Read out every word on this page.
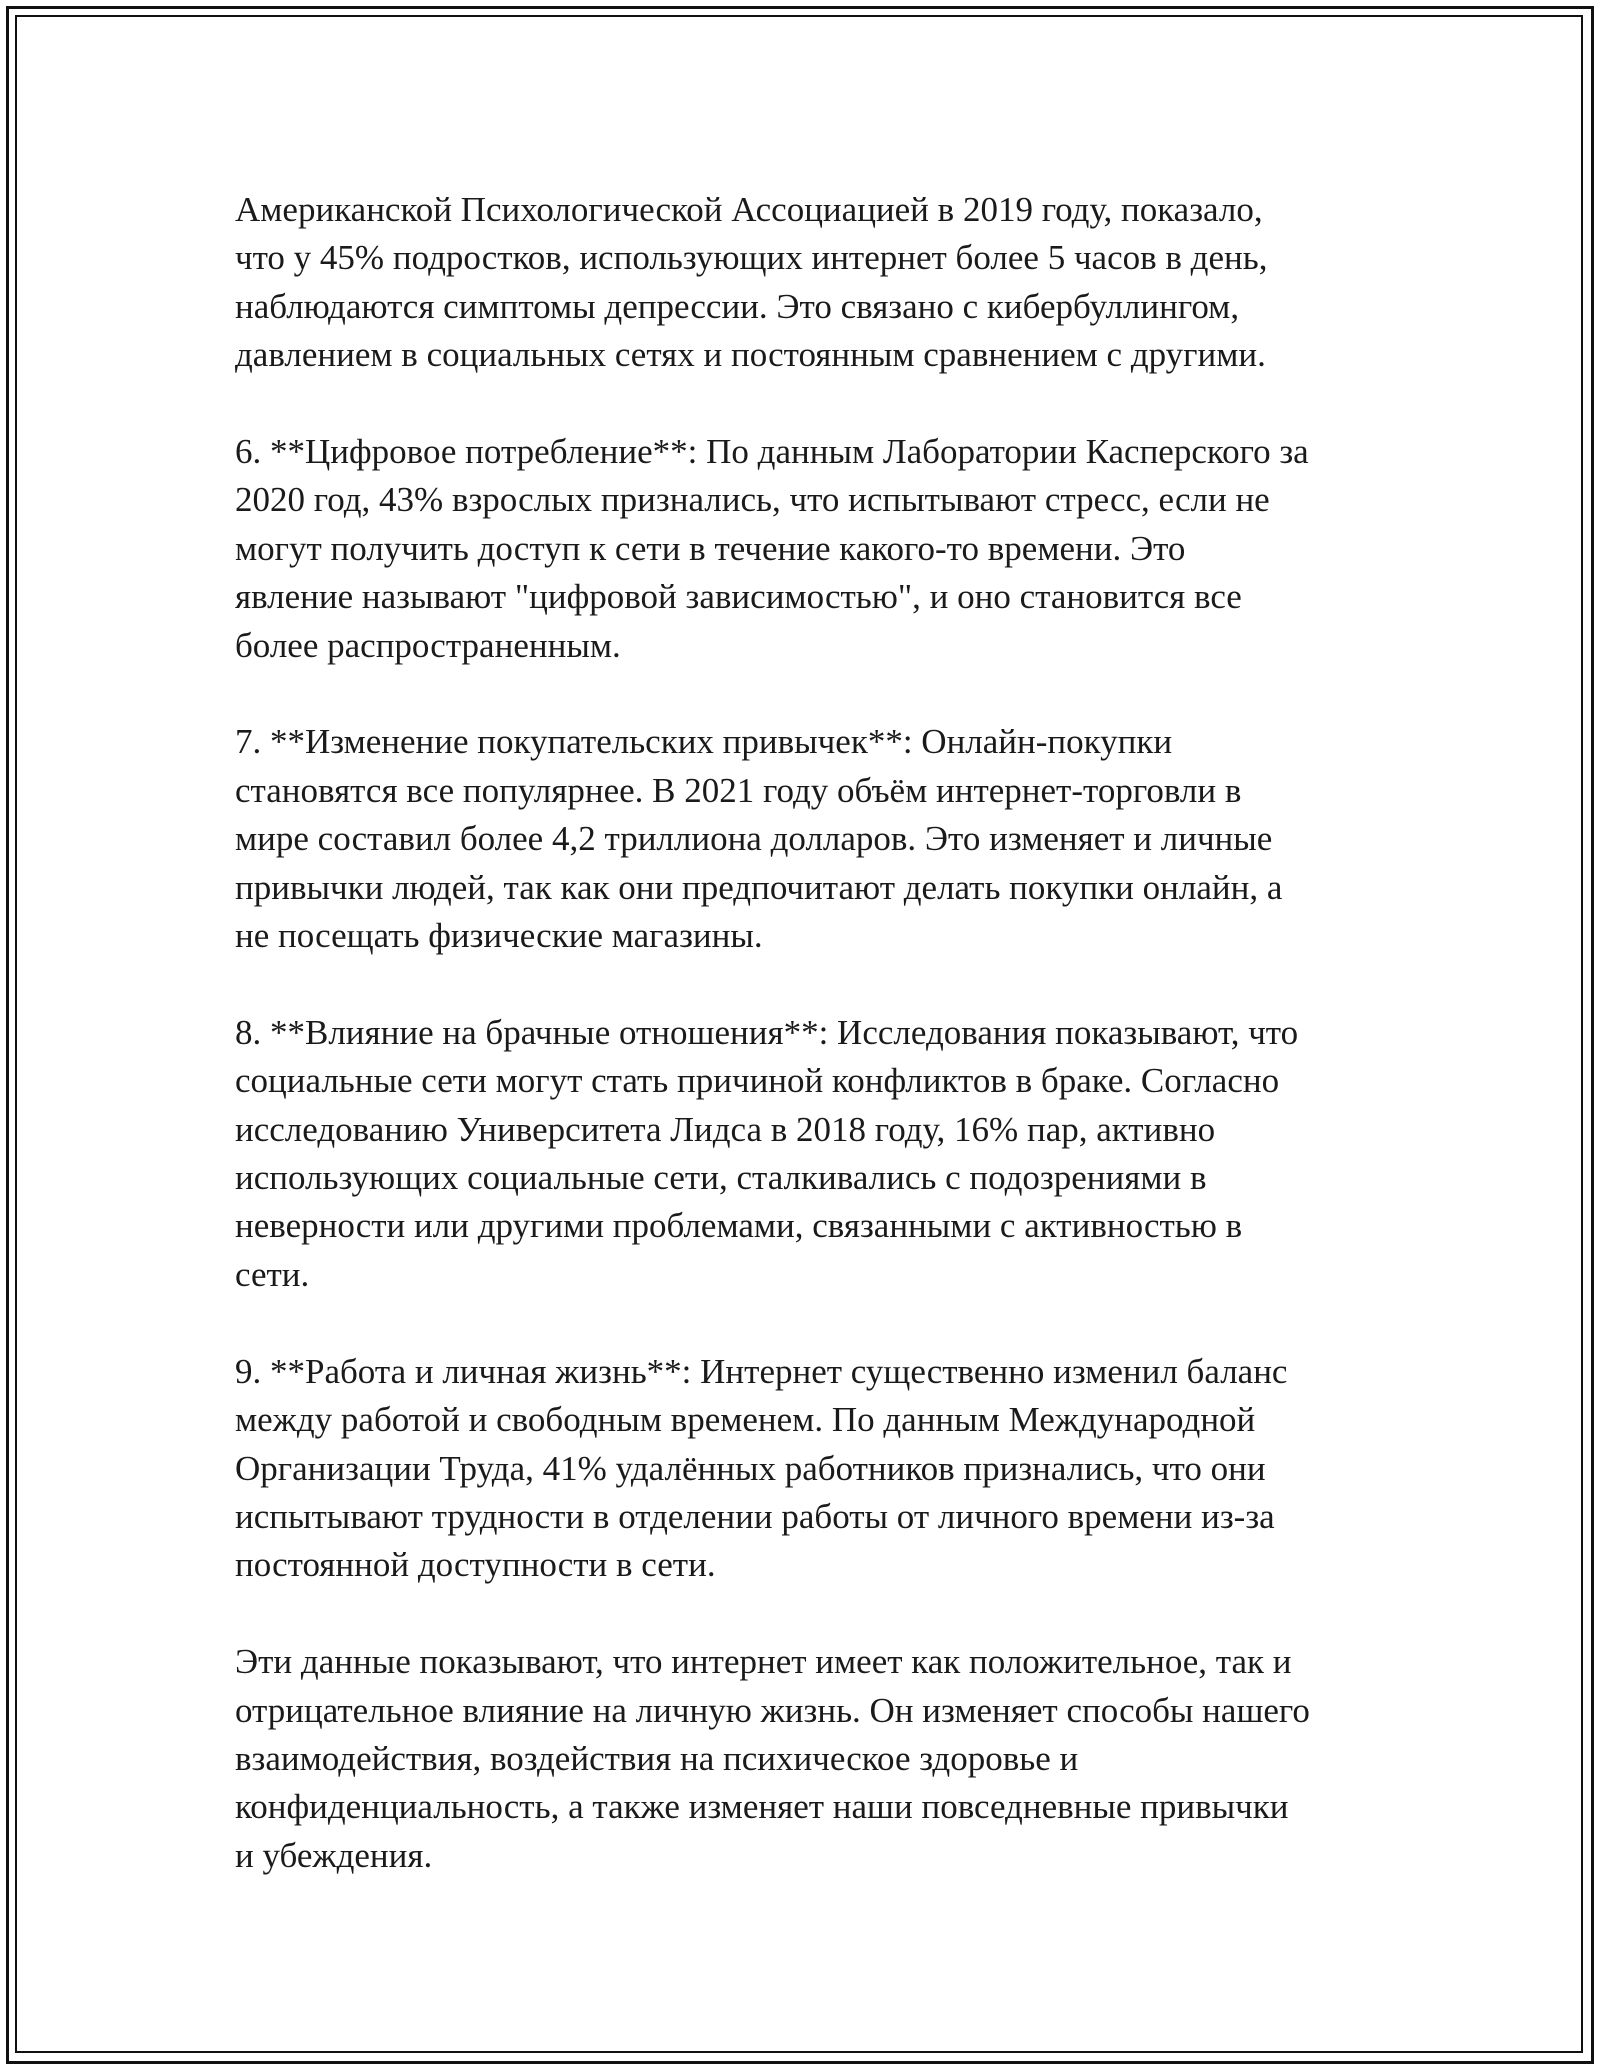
Американской Психологической Ассоциацией в 2019 году, показало,
что у 45% подростков, использующих интернет более 5 часов в день,
наблюдаются симптомы депрессии. Это связано с кибербуллингом,
давлением в социальных сетях и постоянным сравнением с другими.

6. **Цифровое потребление**: По данным Лаборатории Касперского за
2020 год, 43% взрослых признались, что испытывают стресс, если не
могут получить доступ к сети в течение какого-то времени. Это
явление называют "цифровой зависимостью", и оно становится все
более распространенным.

7. **Изменение покупательских привычек**: Онлайн-покупки
становятся все популярнее. В 2021 году объём интернет-торговли в
мире составил более 4,2 триллиона долларов. Это изменяет и личные
привычки людей, так как они предпочитают делать покупки онлайн, а
не посещать физические магазины.

8. **Влияние на брачные отношения**: Исследования показывают, что
социальные сети могут стать причиной конфликтов в браке. Согласно
исследованию Университета Лидса в 2018 году, 16% пар, активно
использующих социальные сети, сталкивались с подозрениями в
неверности или другими проблемами, связанными с активностью в
сети.

9. **Работа и личная жизнь**: Интернет существенно изменил баланс
между работой и свободным временем. По данным Международной
Организации Труда, 41% удалённых работников признались, что они
испытывают трудности в отделении работы от личного времени из-за
постоянной доступности в сети.

Эти данные показывают, что интернет имеет как положительное, так и
отрицательное влияние на личную жизнь. Он изменяет способы нашего
взаимодействия, воздействия на психическое здоровье и
конфиденциальность, а также изменяет наши повседневные привычки
и убеждения.
